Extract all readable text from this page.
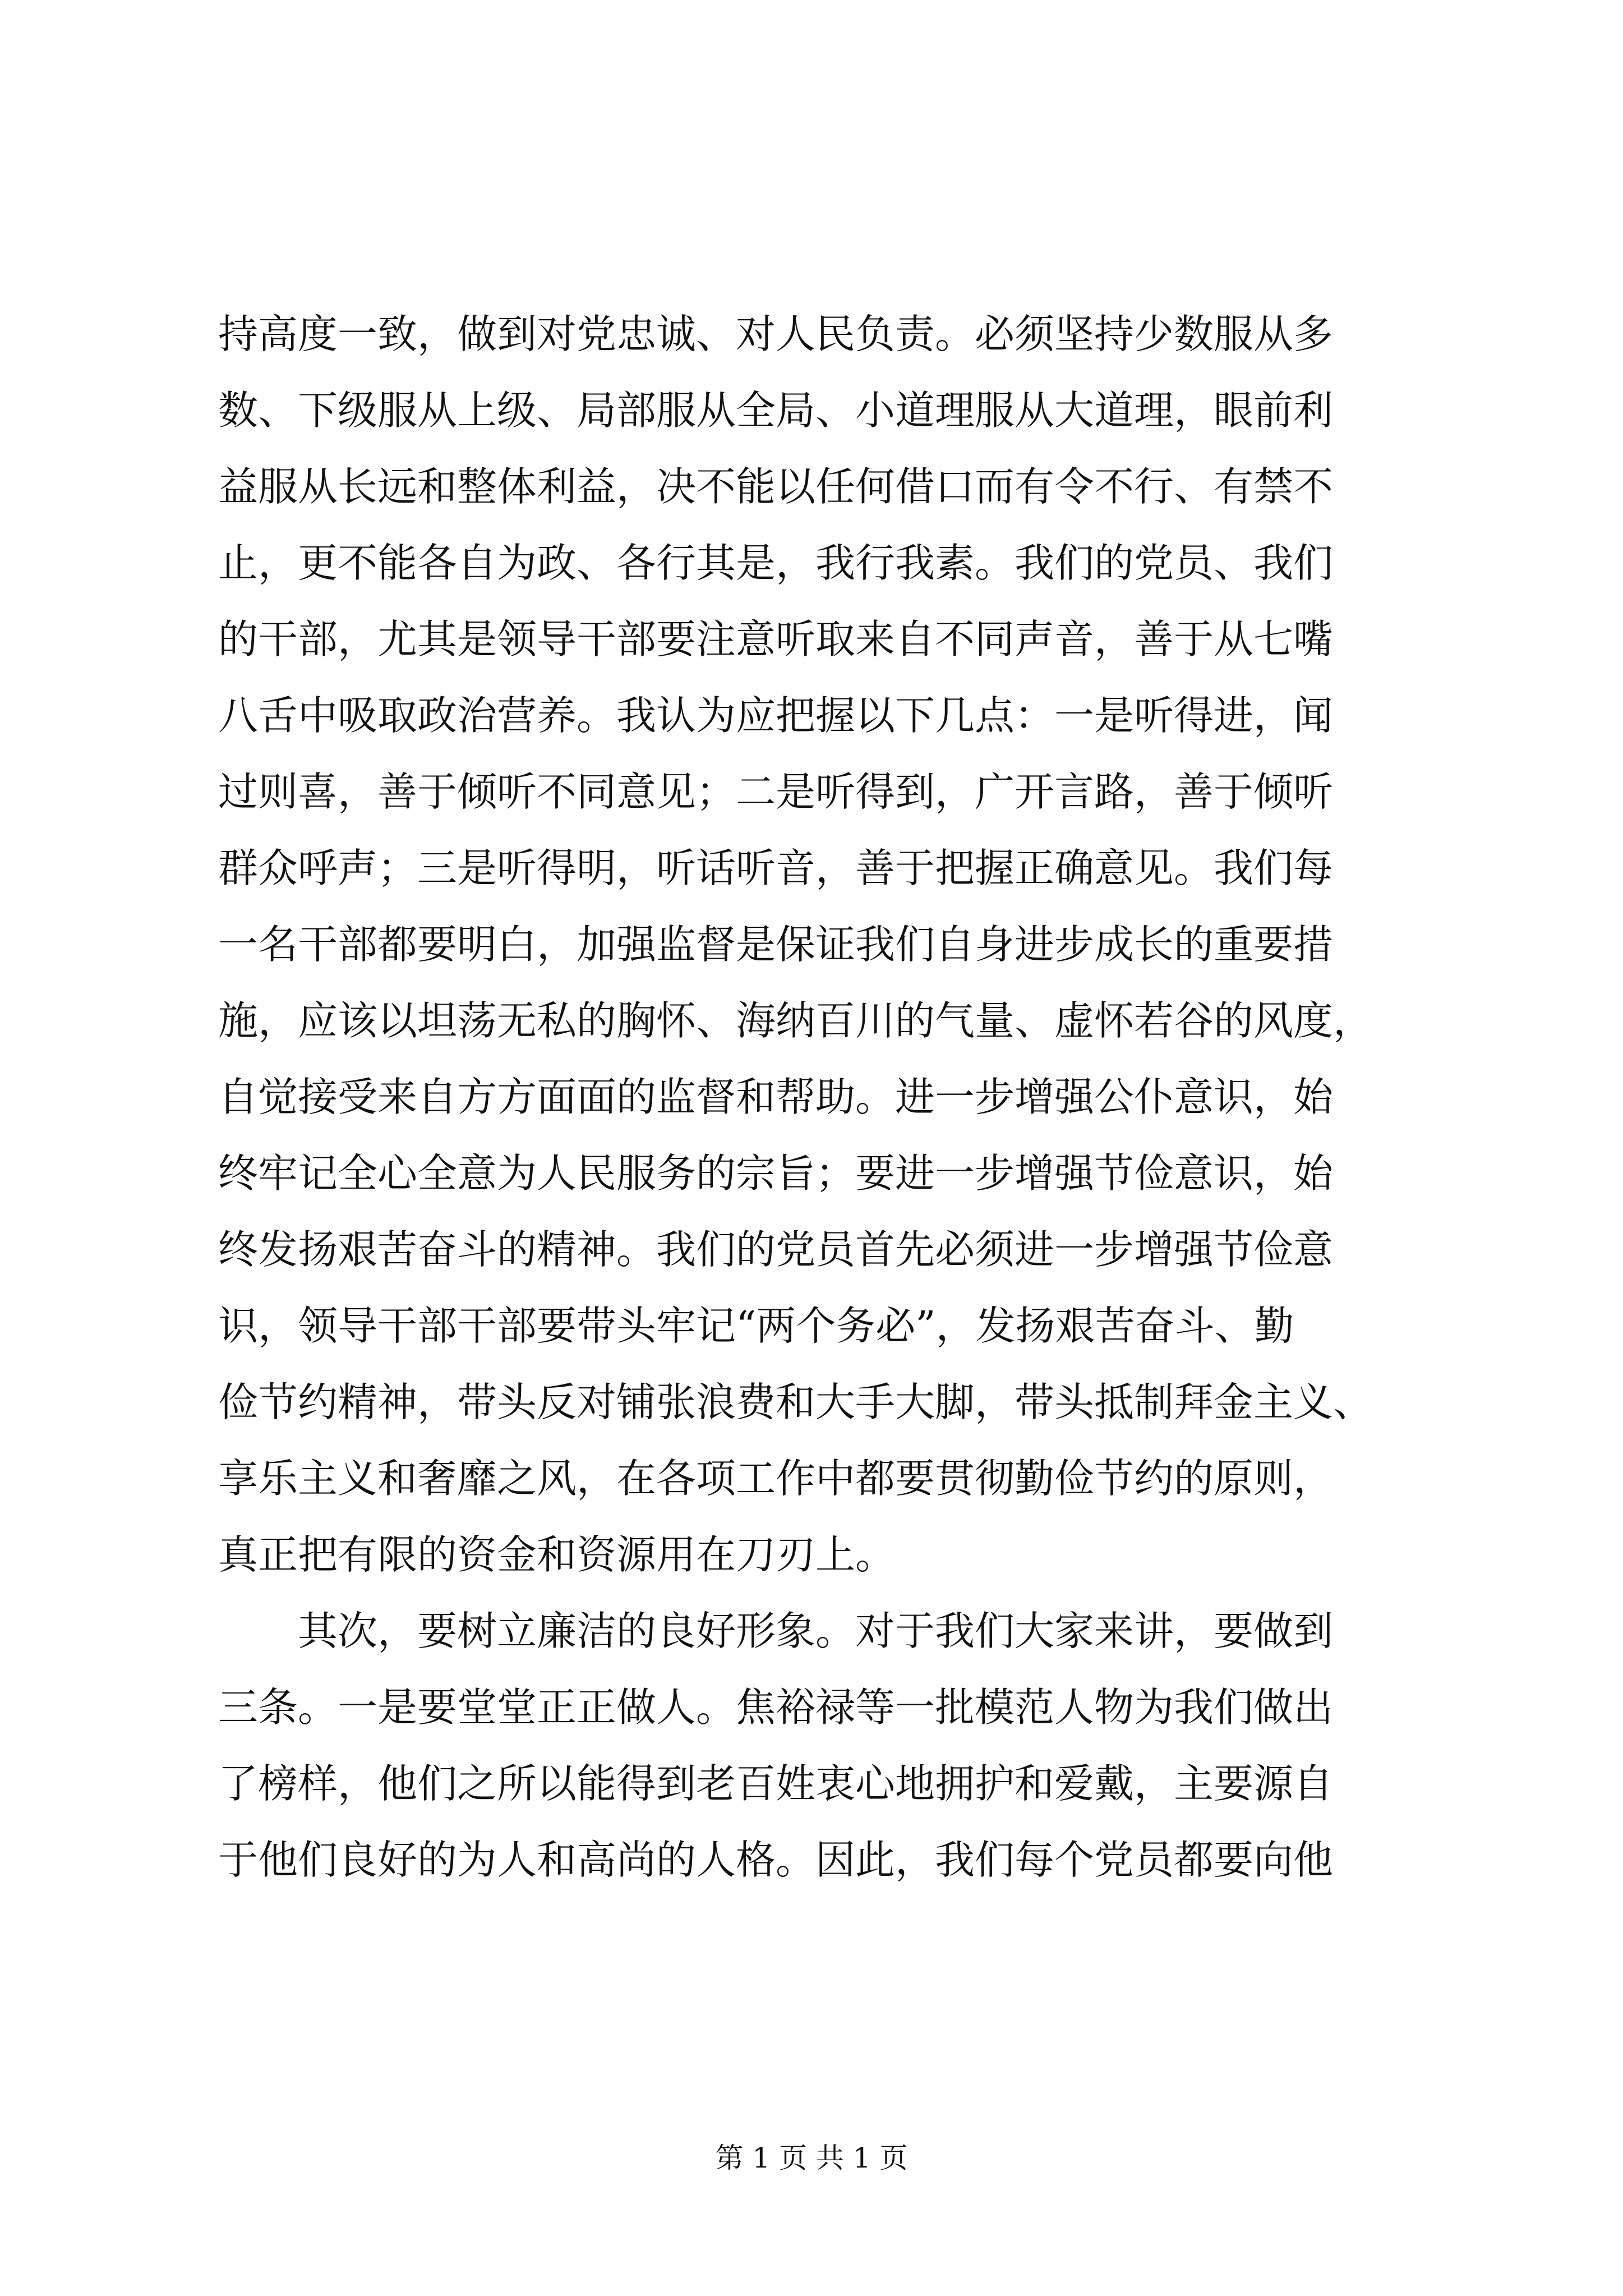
持高度一致，做到对党忠诚、对人民负责。必须坚持少数服从多
数、下级服从上级、局部服从全局、小道理服从大道理，眼前利
益服从长远和整体利益，决不能以任何借口而有令不行、有禁不
止，更不能各自为政、各行其是，我行我素。我们的党员、我们
的干部，尤其是领导干部要注意听取来自不同声音，善于从七嘴
八舌中吸取政治营养。我认为应把握以下几点：一是听得进，闻
过则喜，善于倾听不同意见；二是听得到，广开言路，善于倾听
群众呼声；三是听得明，听话听音，善于把握正确意见。我们每
一名干部都要明白，加强监督是保证我们自身进步成长的重要措
施，应该以坦荡无私的胸怀、海纳百川的气量、虚怀若谷的风度，
自觉接受来自方方面面的监督和帮助。进一步增强公仆意识，始
终牢记全心全意为人民服务的宗旨；要进一步增强节俭意识，始
终发扬艰苦奋斗的精神。我们的党员首先必须进一步增强节俭意
识，领导干部干部要带头牢记“两个务必”，发扬艰苦奋斗、勤
俭节约精神，带头反对铺张浪费和大手大脚，带头抵制拜金主义、
享乐主义和奢靡之风，在各项工作中都要贯彻勤俭节约的原则，
真正把有限的资金和资源用在刀刃上。
　　其次，要树立廉洁的良好形象。对于我们大家来讲，要做到
三条。一是要堂堂正正做人。焦裕禄等一批模范人物为我们做出
了榜样，他们之所以能得到老百姓衷心地拥护和爱戴，主要源自
于他们良好的为人和高尚的人格。因此，我们每个党员都要向他
第 1 页 共 1 页
